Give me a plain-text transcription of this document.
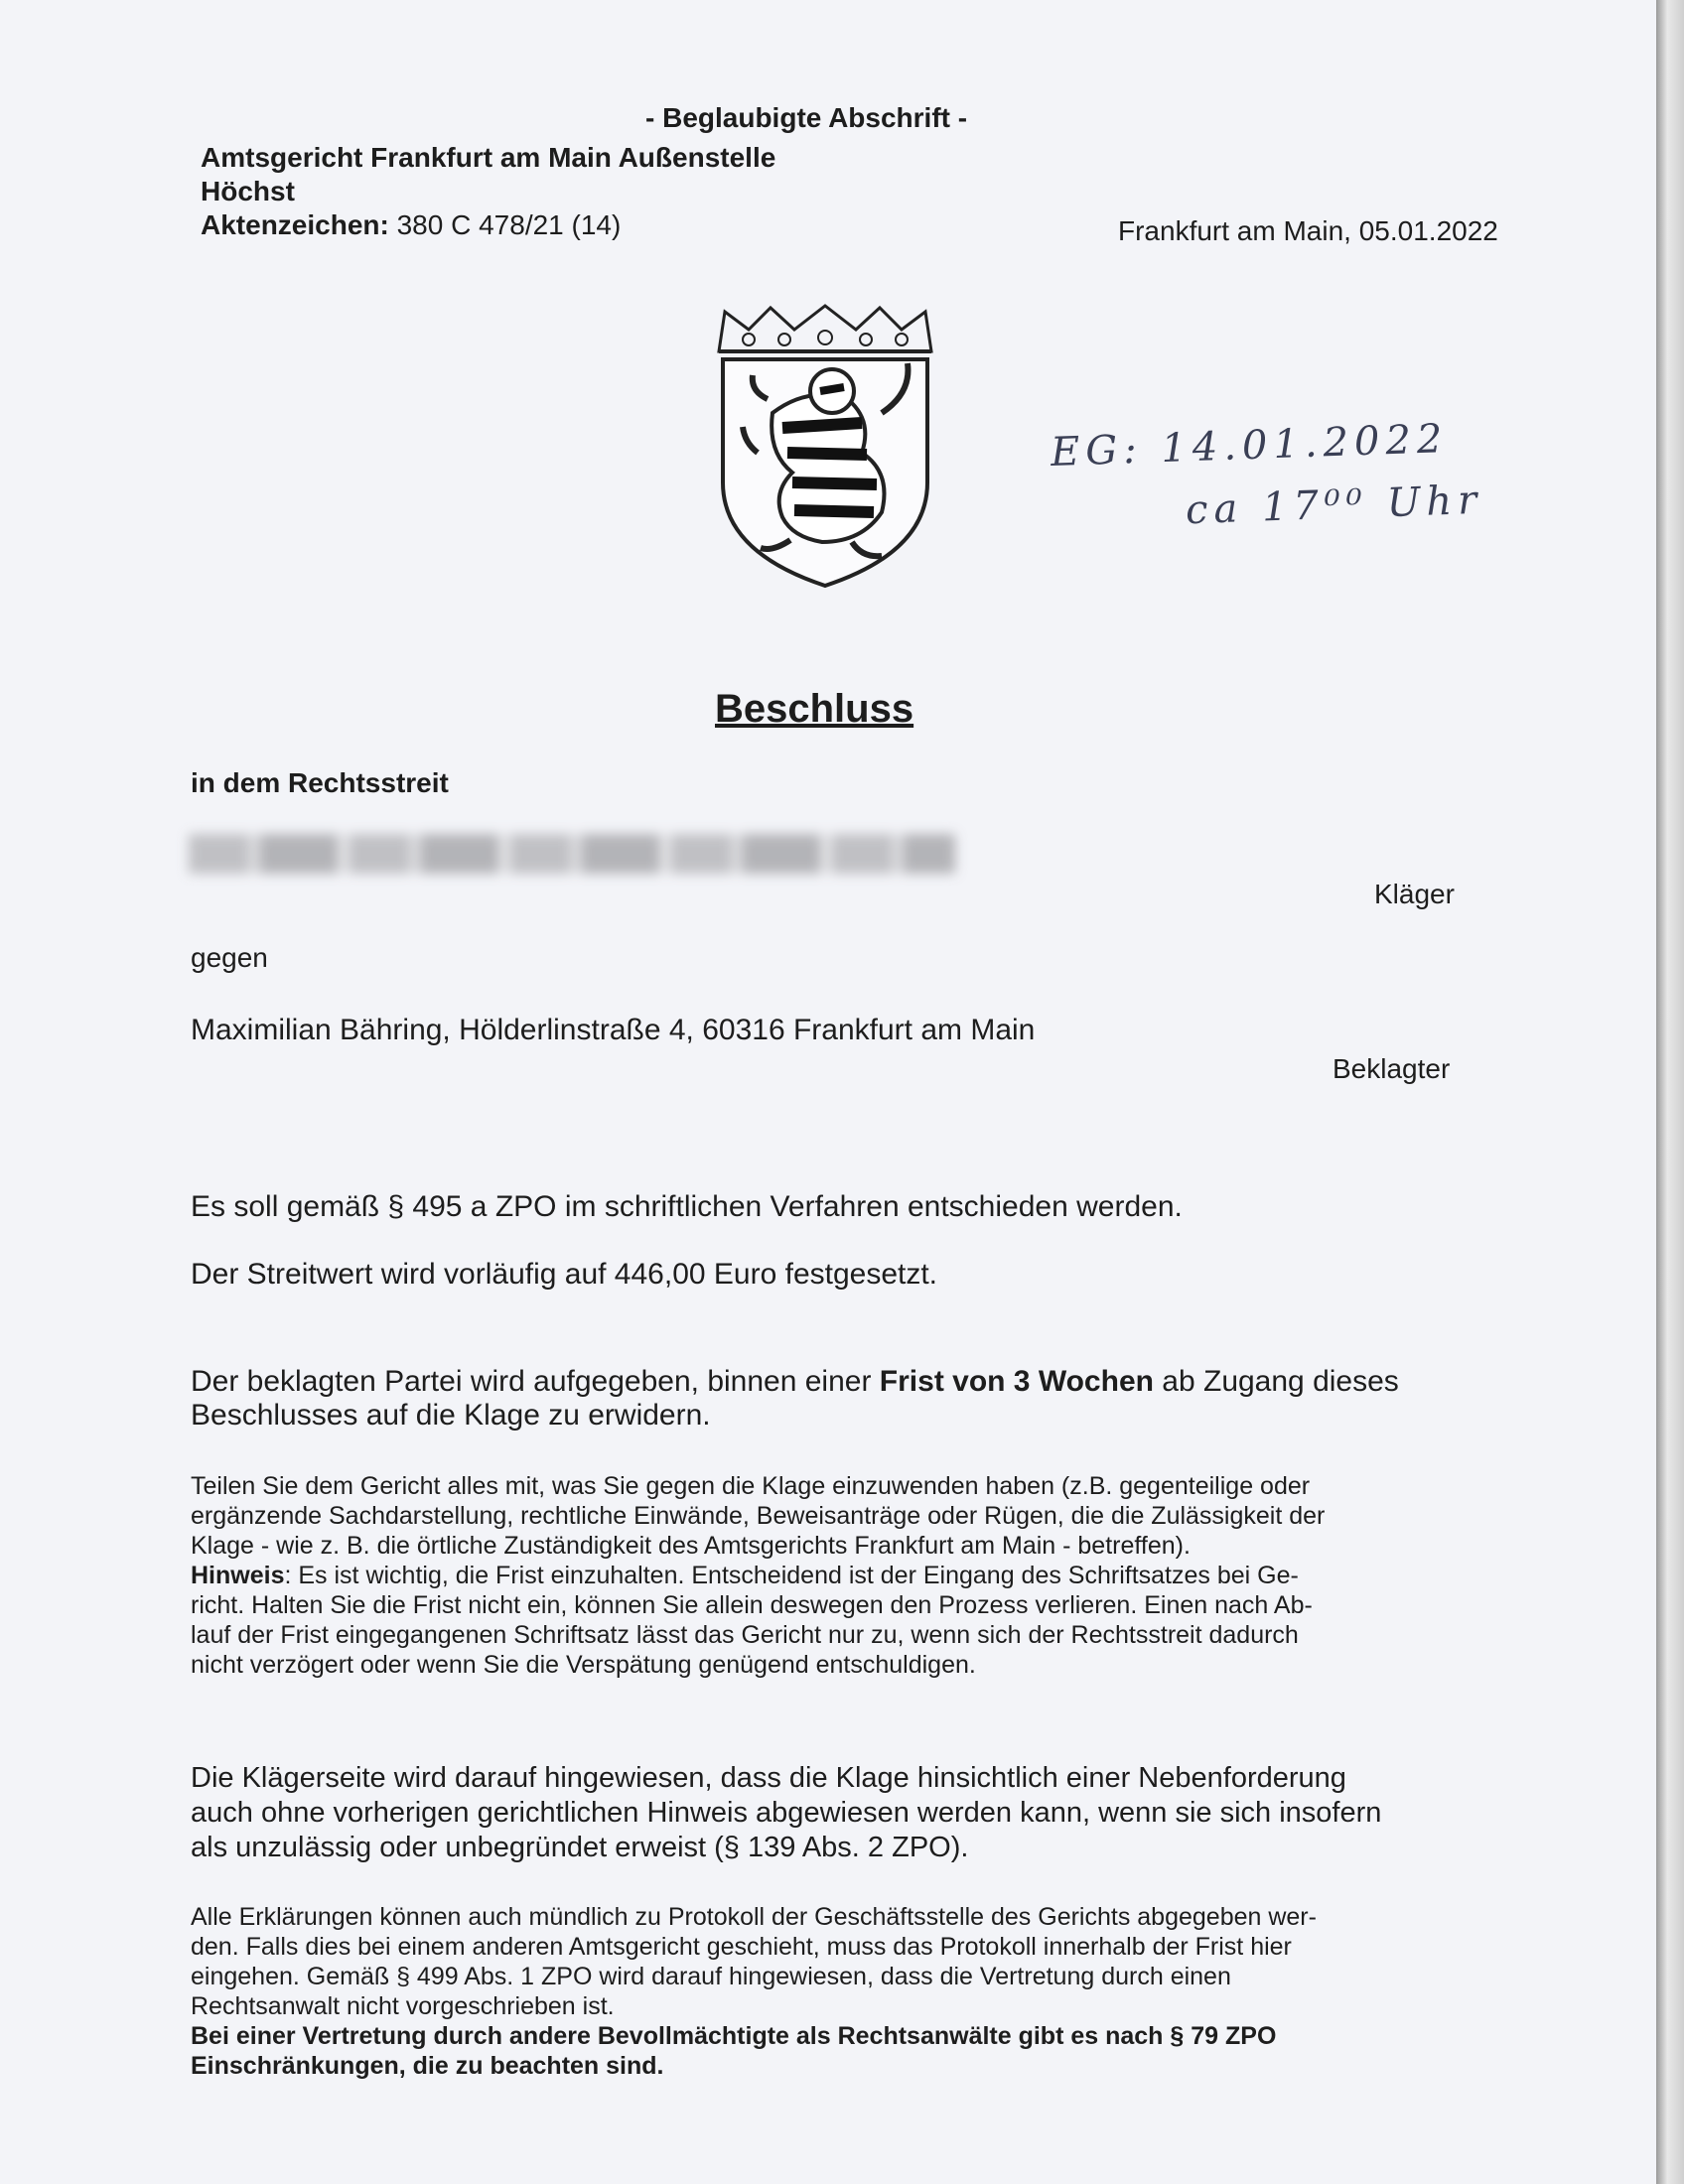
- Beglaubigte Abschrift -
Amtsgericht Frankfurt am Main Außenstelle
Höchst
Aktenzeichen: 380 C 478/21 (14)	Frankfurt am Main, 05.01.2022
EG: 14.01.2022
ca 17⁰⁰ Uhr
Beschluss
in dem Rechtsstreit
Kläger
gegen
Maximilian Bähring, Hölderlinstraße 4, 60316 Frankfurt am Main
Beklagter
Es soll gemäß § 495 a ZPO im schriftlichen Verfahren entschieden werden.
Der Streitwert wird vorläufig auf 446,00 Euro festgesetzt.
Der beklagten Partei wird aufgegeben, binnen einer Frist von 3 Wochen ab Zugang dieses
Beschlusses auf die Klage zu erwidern.
Teilen Sie dem Gericht alles mit, was Sie gegen die Klage einzuwenden haben (z.B. gegenteilige oder
ergänzende Sachdarstellung, rechtliche Einwände, Beweisanträge oder Rügen, die die Zulässigkeit der
Klage - wie z. B. die örtliche Zuständigkeit des Amtsgerichts Frankfurt am Main - betreffen).
Hinweis: Es ist wichtig, die Frist einzuhalten. Entscheidend ist der Eingang des Schriftsatzes bei Ge-
richt. Halten Sie die Frist nicht ein, können Sie allein deswegen den Prozess verlieren. Einen nach Ab-
lauf der Frist eingegangenen Schriftsatz lässt das Gericht nur zu, wenn sich der Rechtsstreit dadurch
nicht verzögert oder wenn Sie die Verspätung genügend entschuldigen.
Die Klägerseite wird darauf hingewiesen, dass die Klage hinsichtlich einer Nebenforderung
auch ohne vorherigen gerichtlichen Hinweis abgewiesen werden kann, wenn sie sich insofern
als unzulässig oder unbegründet erweist (§ 139 Abs. 2 ZPO).
Alle Erklärungen können auch mündlich zu Protokoll der Geschäftsstelle des Gerichts abgegeben wer-
den. Falls dies bei einem anderen Amtsgericht geschieht, muss das Protokoll innerhalb der Frist hier
eingehen. Gemäß § 499 Abs. 1 ZPO wird darauf hingewiesen, dass die Vertretung durch einen
Rechtsanwalt nicht vorgeschrieben ist.
Bei einer Vertretung durch andere Bevollmächtigte als Rechtsanwälte gibt es nach § 79 ZPO
Einschränkungen, die zu beachten sind.
